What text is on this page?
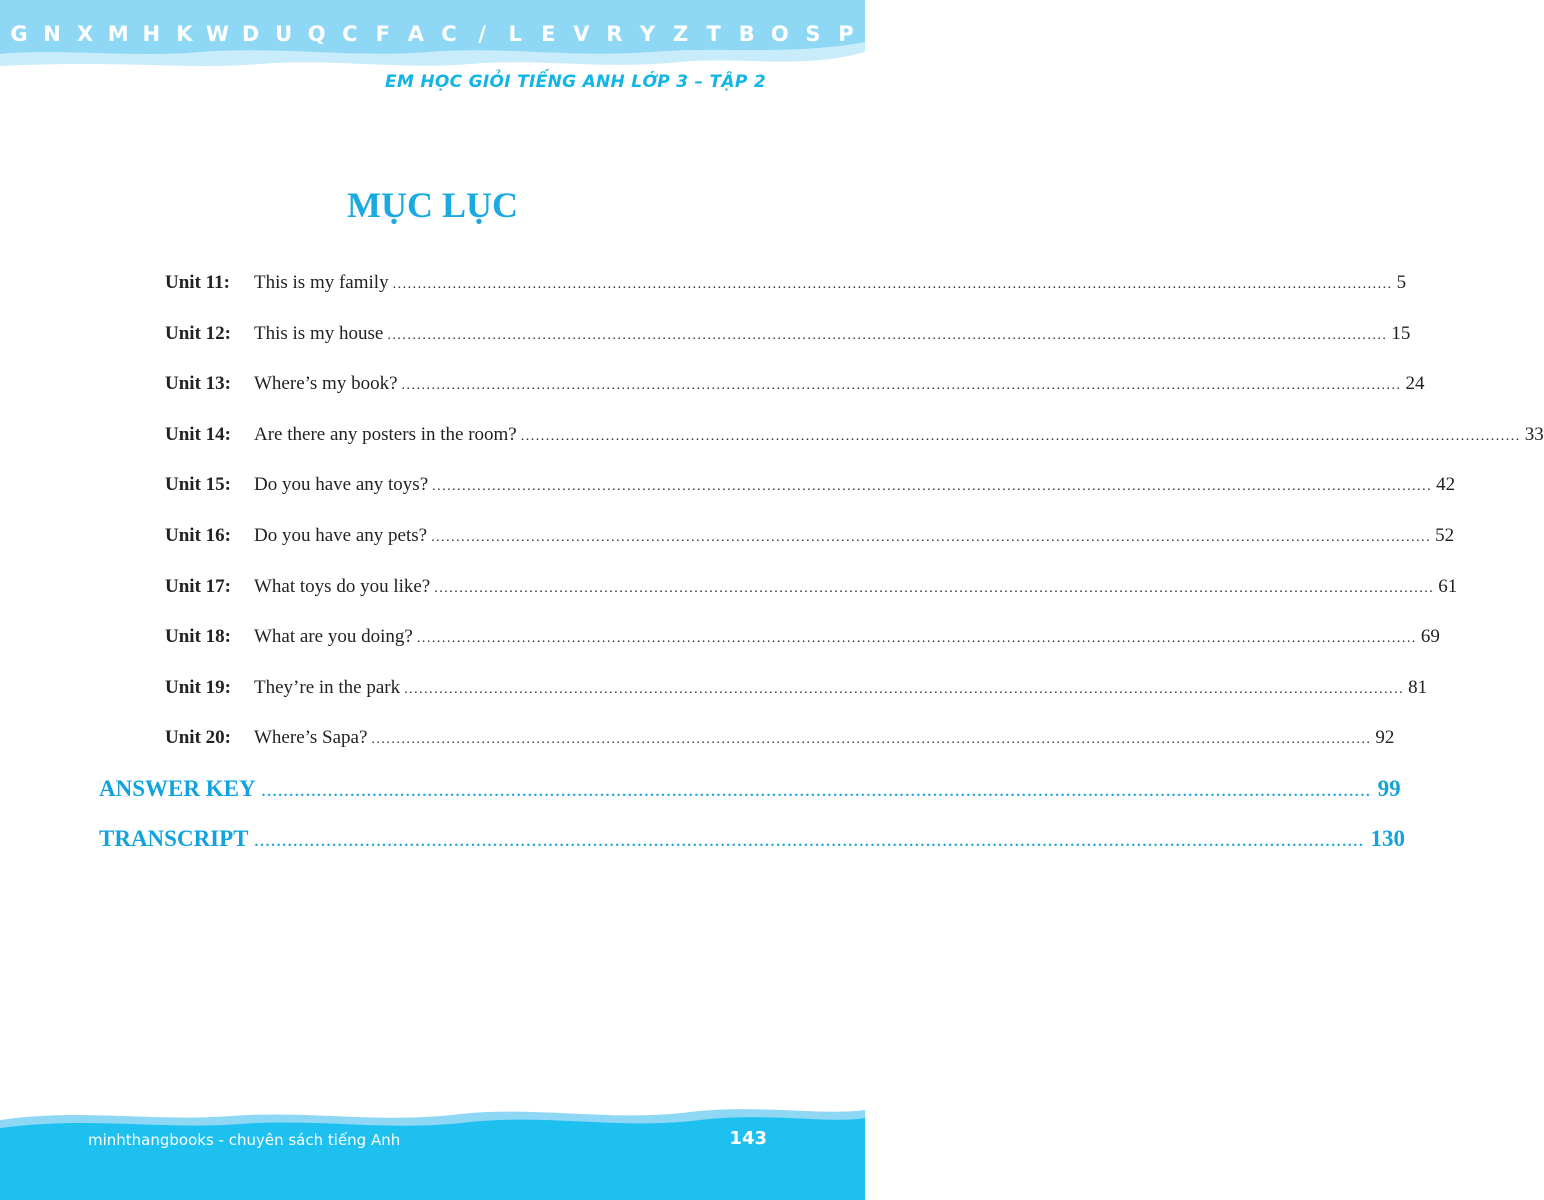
G N X M H K W D U Q C F A C	/	L E V R Y Z T B O S P
EM HỌC GIỎI TIẾNG ANH LỚP 3 – TẬP 2
MỤC LỤC
Unit 11:	This is my family ........................................................................................................................................................................................................ 5
Unit 12:	This is my house ........................................................................................................................................................................................................ 15
Unit 13:	Where’s my book? ........................................................................................................................................................................................................ 24
Unit 14:	Are there any posters in the room? ........................................................................................................................................................................................................ 33
Unit 15:	Do you have any toys? ........................................................................................................................................................................................................ 42
Unit 16:	Do you have any pets? ........................................................................................................................................................................................................ 52
Unit 17:	What toys do you like? ........................................................................................................................................................................................................ 61
Unit 18:	What are you doing? ........................................................................................................................................................................................................ 69
Unit 19:	They’re in the park ........................................................................................................................................................................................................ 81
Unit 20:	Where’s Sapa? ........................................................................................................................................................................................................ 92
ANSWER KEY ........................................................................................................................................................................................................ 99
TRANSCRIPT ........................................................................................................................................................................................................ 130
minhthangbooks - chuyên sách tiếng Anh	143
